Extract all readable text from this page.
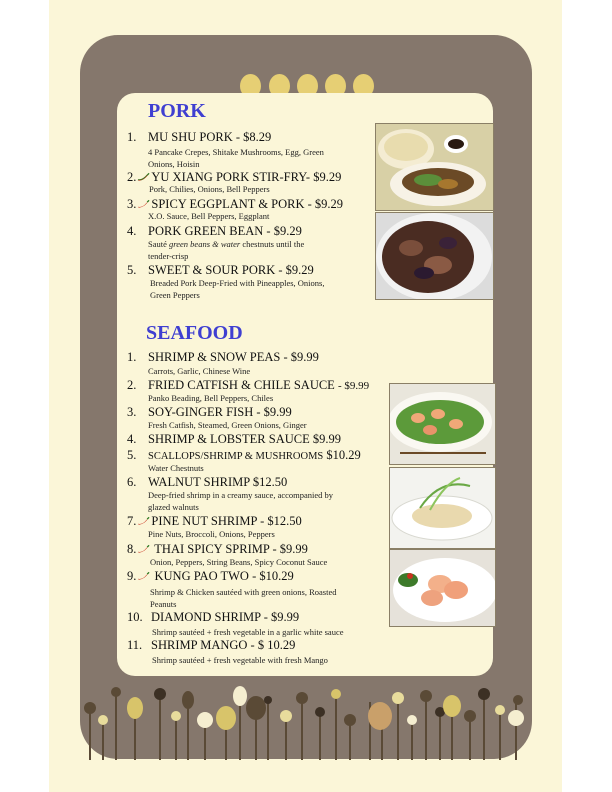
PORK
1. MU SHU PORK - $8.29
4 Pancake Crepes, Shitake Mushrooms, Egg, Green
Onions, Hoisin
2. YU XIANG PORK STIR-FRY- $9.29
Pork, Chilies, Onions, Bell Peppers
3. SPICY EGGPLANT & PORK - $9.29
X.O. Sauce, Bell Peppers, Eggplant
4. PORK GREEN BEAN - $9.29
Sauté green beans & water chestnuts until the
tender-crisp
5. SWEET & SOUR PORK - $9.29
Breaded Pork Deep-Fried with Pineapples, Onions,
Green Peppers
SEAFOOD
1. SHRIMP & SNOW PEAS - $9.99
Carrots, Garlic, Chinese Wine
2. FRIED CATFISH & CHILE SAUCE - $9.99
Panko Beading, Bell Peppers, Chiles
3. SOY-GINGER FISH - $9.99
Fresh Catfish, Steamed, Green Onions, Ginger
4. SHRIMP & LOBSTER SAUCE $9.99
5. SCALLOPS/SHRIMP & MUSHROOMS $10.29
Water Chestnuts
6. WALNUT SHRIMP $12.50
Deep-fried shrimp in a creamy sauce, accompanied by
glazed walnuts
7. PINE NUT SHRIMP - $12.50
Pine Nuts, Broccoli, Onions, Peppers
8. THAI SPICY SPRIMP - $9.99
Onion, Peppers, String Beans, Spicy Coconut Sauce
9. KUNG PAO TWO - $10.29
Shrimp & Chicken sautéed with green onions, Roasted
Peanuts
10. DIAMOND SHRIMP - $9.99
Shrimp sautéed + fresh vegetable in a garlic white sauce
11. SHRIMP MANGO - $ 10.29
Shrimp sautéed + fresh vegetable with fresh Mango
